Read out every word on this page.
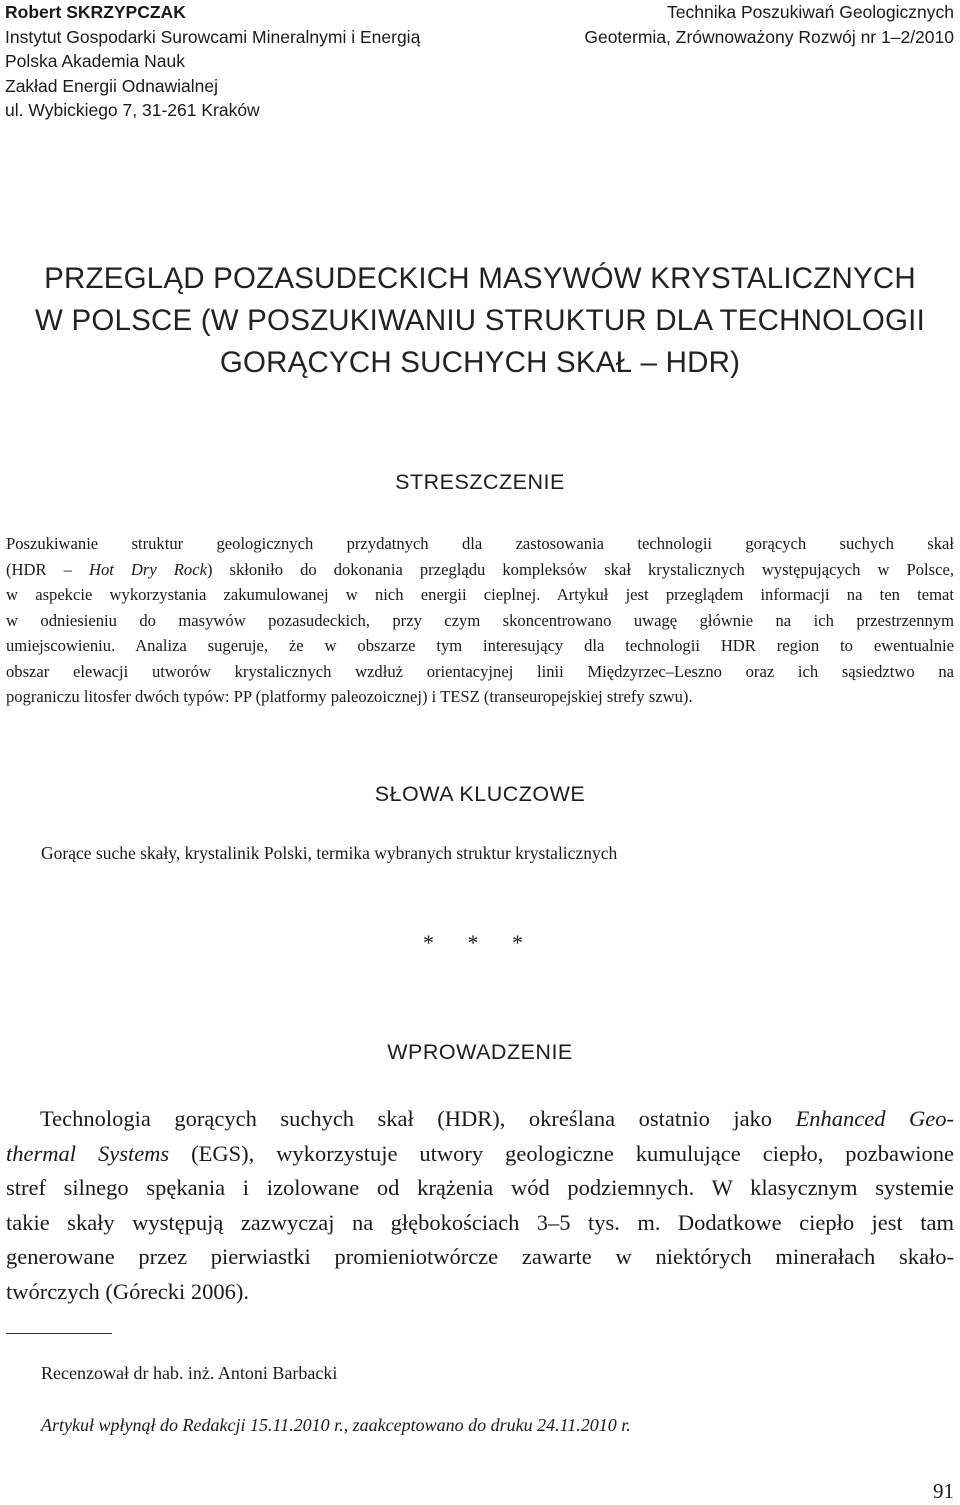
Robert SKRZYPCZAK
Instytut Gospodarki Surowcami Mineralnymi i Energią
Polska Akademia Nauk
Zakład Energii Odnawialnej
ul. Wybickiego 7, 31-261 Kraków
Technika Poszukiwań Geologicznych
Geotermia, Zrównoważony Rozwój nr 1–2/2010
PRZEGLĄD POZASUDECKICH MASYWÓW KRYSTALICZNYCH
W POLSCE (W POSZUKIWANIU STRUKTUR DLA TECHNOLOGII
GORĄCYCH SUCHYCH SKAŁ – HDR)
STRESZCZENIE
Poszukiwanie struktur geologicznych przydatnych dla zastosowania technologii gorących suchych skał
(HDR – Hot Dry Rock) skłoniło do dokonania przeglądu kompleksów skał krystalicznych występujących w Polsce,
w aspekcie wykorzystania zakumulowanej w nich energii cieplnej. Artykuł jest przeglądem informacji na ten temat
w odniesieniu do masywów pozasudeckich, przy czym skoncentrowano uwagę głównie na ich przestrzennym
umiejscowieniu. Analiza sugeruje, że w obszarze tym interesujący dla technologii HDR region to ewentualnie
obszar elewacji utworów krystalicznych wzdłuż orientacyjnej linii Międzyrzec–Leszno oraz ich sąsiedztwo na
pograniczu litosfer dwóch typów: PP (platformy paleozoicznej) i TESZ (transeuropejskiej strefy szwu).
SŁOWA KLUCZOWE
Gorące suche skały, krystalinik Polski, termika wybranych struktur krystalicznych
* * *
WPROWADZENIE
Technologia gorących suchych skał (HDR), określana ostatnio jako Enhanced Geo-
thermal Systems (EGS), wykorzystuje utwory geologiczne kumulujące ciepło, pozbawione
stref silnego spękania i izolowane od krążenia wód podziemnych. W klasycznym systemie
takie skały występują zazwyczaj na głębokościach 3–5 tys. m. Dodatkowe ciepło jest tam
generowane przez pierwiastki promieniotwórcze zawarte w niektórych minerałach skało-
twórczych (Górecki 2006).
Recenzował dr hab. inż. Antoni Barbacki
Artykuł wpłynął do Redakcji 15.11.2010 r., zaakceptowano do druku 24.11.2010 r.
91
